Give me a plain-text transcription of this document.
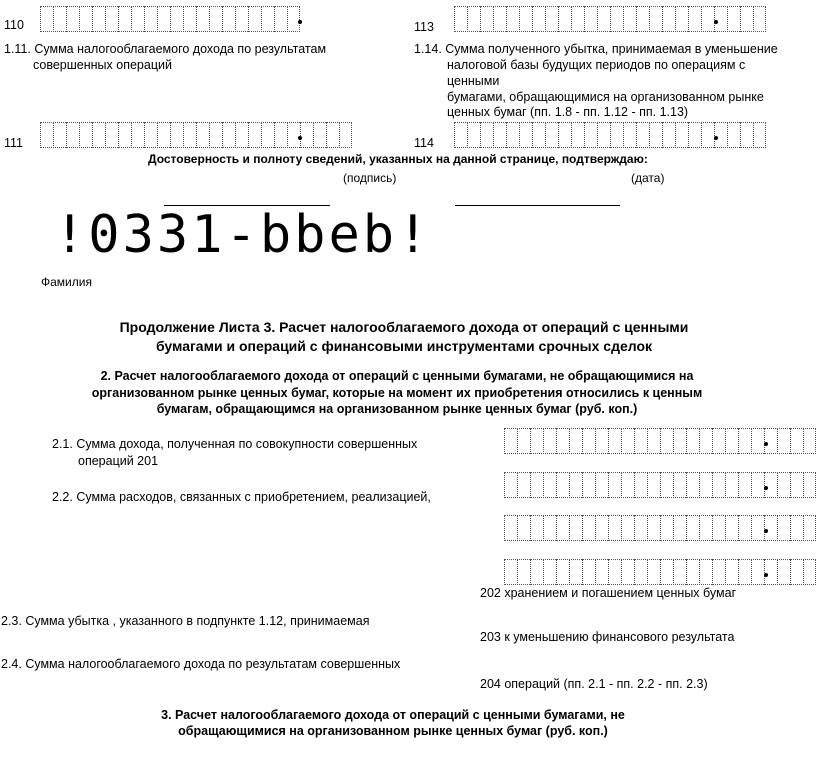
110	113
1.11. Сумма налогооблагаемого дохода по результатам
совершенных операций
1.14. Сумма полученного убытка, принимаемая в уменьшение
налоговой базы будущих периодов по операциям с
ценными
бумагами, обращающимися на организованном рынке
ценных бумаг (пп. 1.8 - пп. 1.12 - пп. 1.13)
111	114
Достоверность и полноту сведений, указанных на данной странице, подтверждаю:
(подпись)	(дата)
!0331-bbeb!
Фамилия
Продолжение Листа 3. Расчет налогооблагаемого дохода от операций с ценными
бумагами и операций с финансовыми инструментами срочных сделок
2. Расчет налогооблагаемого дохода от операций с ценными бумагами, не обращающимися на
организованном рынке ценных бумаг, которые на момент их приобретения относились к ценным
бумагам, обращающимся на организованном рынке ценных бумаг (руб. коп.)
2.1. Сумма дохода, полученная по совокупности совершенных
операций 201
2.2. Сумма расходов, связанных с приобретением, реализацией,
202 хранением и погашением ценных бумаг
2.3. Сумма убытка , указанного в подпункте 1.12, принимаемая
203 к уменьшению финансового результата
2.4. Сумма налогооблагаемого дохода по результатам совершенных
204 операций (пп. 2.1 - пп. 2.2 - пп. 2.3)
3. Расчет налогооблагаемого дохода от операций с ценными бумагами, не
обращающимися на организованном рынке ценных бумаг (руб. коп.)
